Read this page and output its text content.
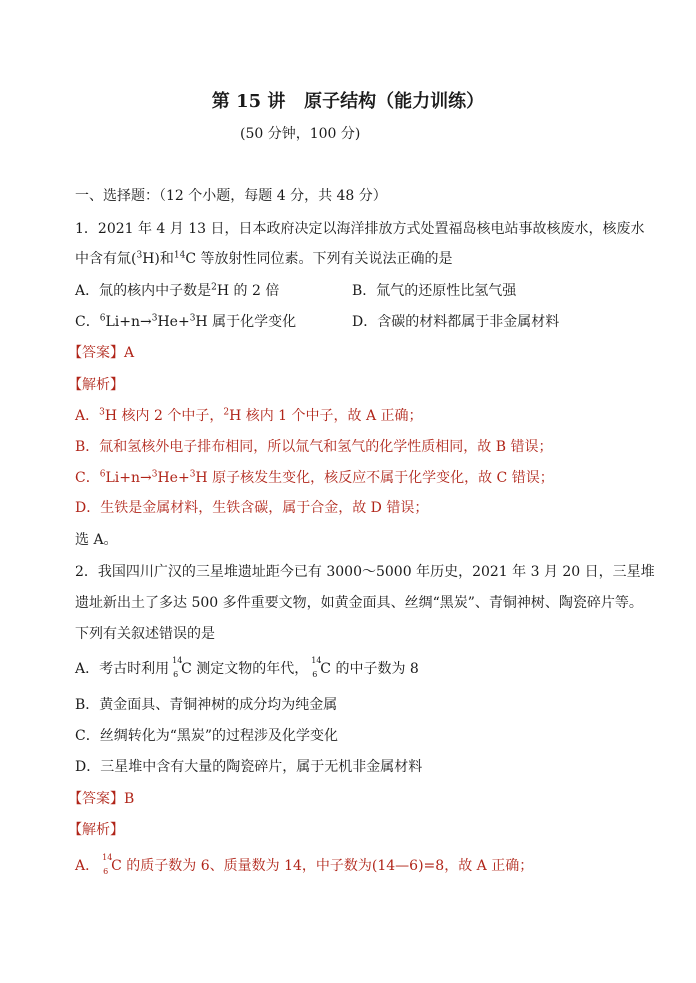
第 15 讲   原子结构（能力训练）
(50 分钟，100 分)
一、选择题：（12 个小题，每题 4 分，共 48 分）
1．2021 年 4 月 13 日，日本政府决定以海洋排放方式处置福岛核电站事故核废水，核废水
中含有氚($^3$H)和$^{14}$C 等放射性同位素。下列有关说法正确的是
A．氚的核内中子数是$^2$H 的 2 倍	B．氚气的还原性比氢气强
C．$^6$Li+n→$^3$He+$^3$H 属于化学变化	D．含碳的材料都属于非金属材料
【答案】A
【解析】
A．$^3$H 核内 2 个中子，$^2$H 核内 1 个中子，故 A 正确；
B．氚和氢核外电子排布相同，所以氚气和氢气的化学性质相同，故 B 错误；
C．$^6$Li+n→$^3$He+$^3$H 原子核发生变化，核反应不属于化学变化，故 C 错误；
D．生铁是金属材料，生铁含碳，属于合金，故 D 错误；
选 A。
2．我国四川广汉的三星堆遗址距今已有 3000～5000 年历史，2021 年 3 月 20 日，三星堆
遗址新出土了多达 500 多件重要文物，如黄金面具、丝绸“黑炭”、青铜神树、陶瓷碎片等。
下列有关叙述错误的是
A．考古时利用
14
6 C 测定文物的年代，
14
6 C 的中子数为 8
B．黄金面具、青铜神树的成分均为纯金属
C．丝绸转化为“黑炭”的过程涉及化学变化
D．三星堆中含有大量的陶瓷碎片，属于无机非金属材料
【答案】B
【解析】
A．
14
6 C 的质子数为 6、质量数为 14，中子数为(14—6)=8，故 A 正确；
